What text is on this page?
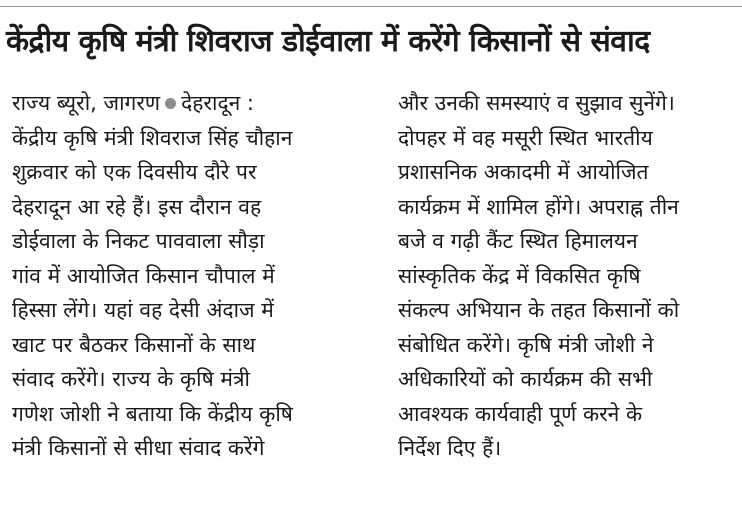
केंद्रीय कृषि मंत्री शिवराज डोईवाला में करेंगे किसानों से संवाद
राज्य ब्यूरो, जागरण देहरादून :
केंद्रीय कृषि मंत्री शिवराज सिंह चौहान
शुक्रवार को एक दिवसीय दौरे पर
देहरादून आ रहे हैं। इस दौरान वह
डोईवाला के निकट पाववाला सौड़ा
गांव में आयोजित किसान चौपाल में
हिस्सा लेंगे। यहां वह देसी अंदाज में
खाट पर बैठकर किसानों के साथ
संवाद करेंगे। राज्य के कृषि मंत्री
गणेश जोशी ने बताया कि केंद्रीय कृषि
मंत्री किसानों से सीधा संवाद करेंगे
और उनकी समस्याएं व सुझाव सुनेंगे।
दोपहर में वह मसूरी स्थित भारतीय
प्रशासनिक अकादमी में आयोजित
कार्यक्रम में शामिल होंगे। अपराह्न तीन
बजे व गढ़ी कैंट स्थित हिमालयन
सांस्कृतिक केंद्र में विकसित कृषि
संकल्प अभियान के तहत किसानों को
संबोधित करेंगे। कृषि मंत्री जोशी ने
अधिकारियों को कार्यक्रम की सभी
आवश्यक कार्यवाही पूर्ण करने के
निर्देश दिए हैं।
